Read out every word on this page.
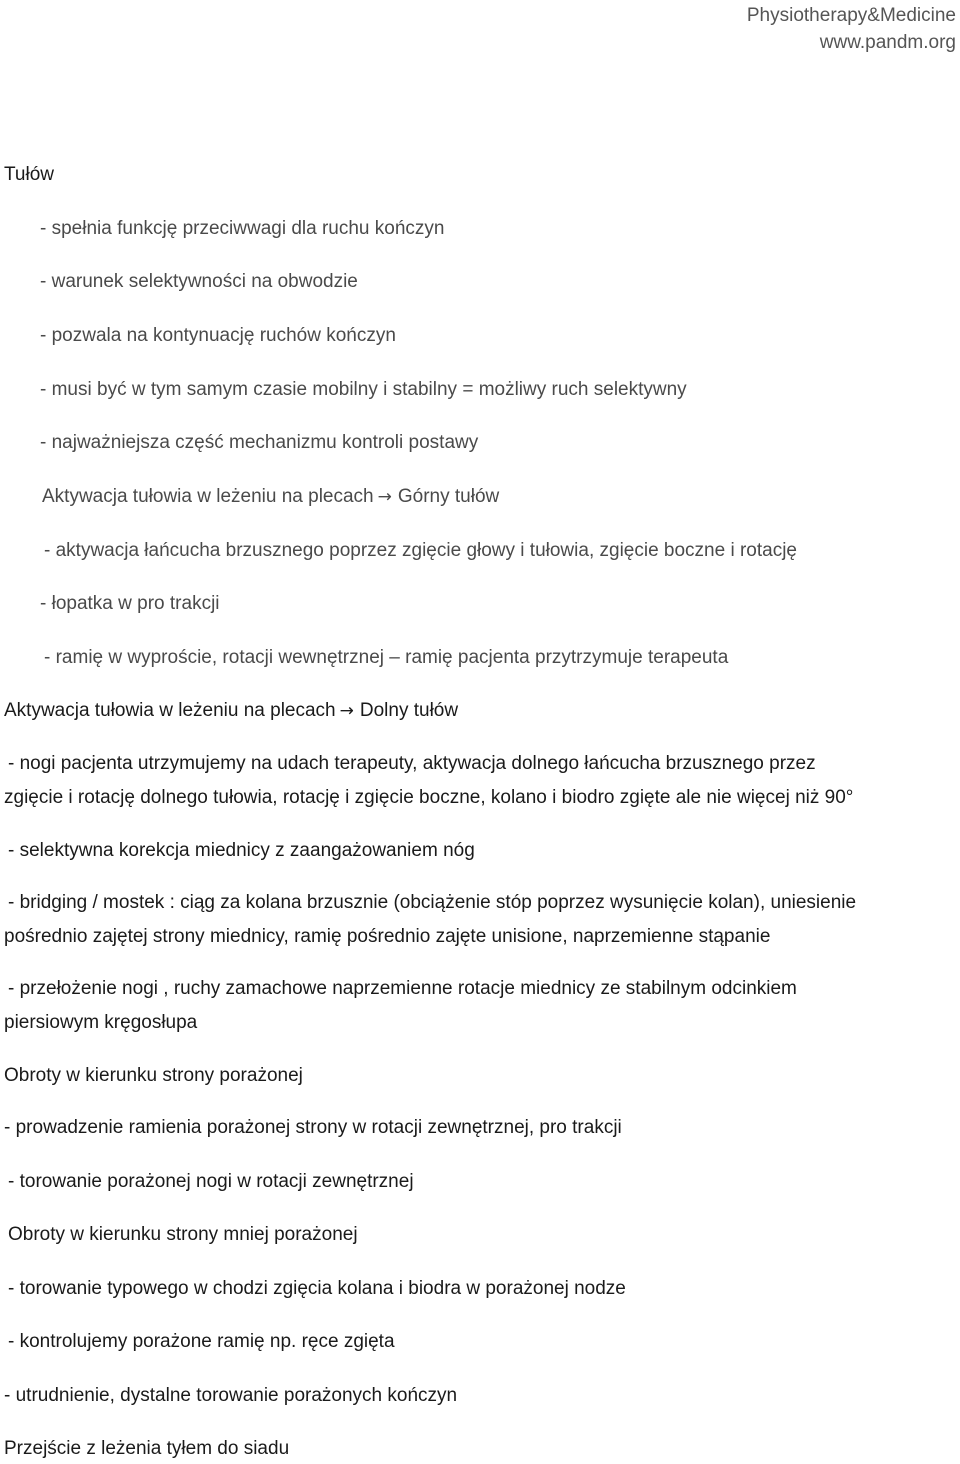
Physiotherapy&Medicine
www.pandm.org
Tułów
- spełnia funkcję przeciwwagi dla ruchu kończyn
- warunek selektywności na obwodzie
- pozwala na kontynuację ruchów kończyn
- musi być w tym samym czasie mobilny i stabilny = możliwy ruch selektywny
- najważniejsza część mechanizmu kontroli postawy
Aktywacja tułowia w leżeniu na plecach → Górny tułów
- aktywacja łańcucha brzusznego poprzez zgięcie głowy i tułowia, zgięcie boczne i rotację
- łopatka w pro trakcji
- ramię w wyproście, rotacji wewnętrznej – ramię pacjenta przytrzymuje terapeuta
Aktywacja tułowia w leżeniu na plecach → Dolny tułów
- nogi pacjenta utrzymujemy na udach terapeuty, aktywacja dolnego łańcucha brzusznego przez
zgięcie i rotację dolnego tułowia, rotację i zgięcie boczne, kolano i biodro zgięte ale nie więcej niż 90°
- selektywna korekcja miednicy z zaangażowaniem nóg
- bridging / mostek : ciąg za kolana brzusznie (obciążenie stóp poprzez wysunięcie kolan), uniesienie
pośrednio zajętej strony miednicy, ramię pośrednio zajęte unisione, naprzemienne stąpanie
- przełożenie nogi , ruchy zamachowe naprzemienne rotacje miednicy ze stabilnym odcinkiem
piersiowym kręgosłupa
Obroty w kierunku strony porażonej
- prowadzenie ramienia porażonej strony w rotacji zewnętrznej, pro trakcji
- torowanie porażonej nogi w rotacji zewnętrznej
Obroty w kierunku strony mniej porażonej
- torowanie typowego w chodzi zgięcia kolana i biodra w porażonej nodze
- kontrolujemy porażone ramię np. ręce zgięta
- utrudnienie, dystalne torowanie porażonych kończyn
Przejście z leżenia tyłem do siadu
